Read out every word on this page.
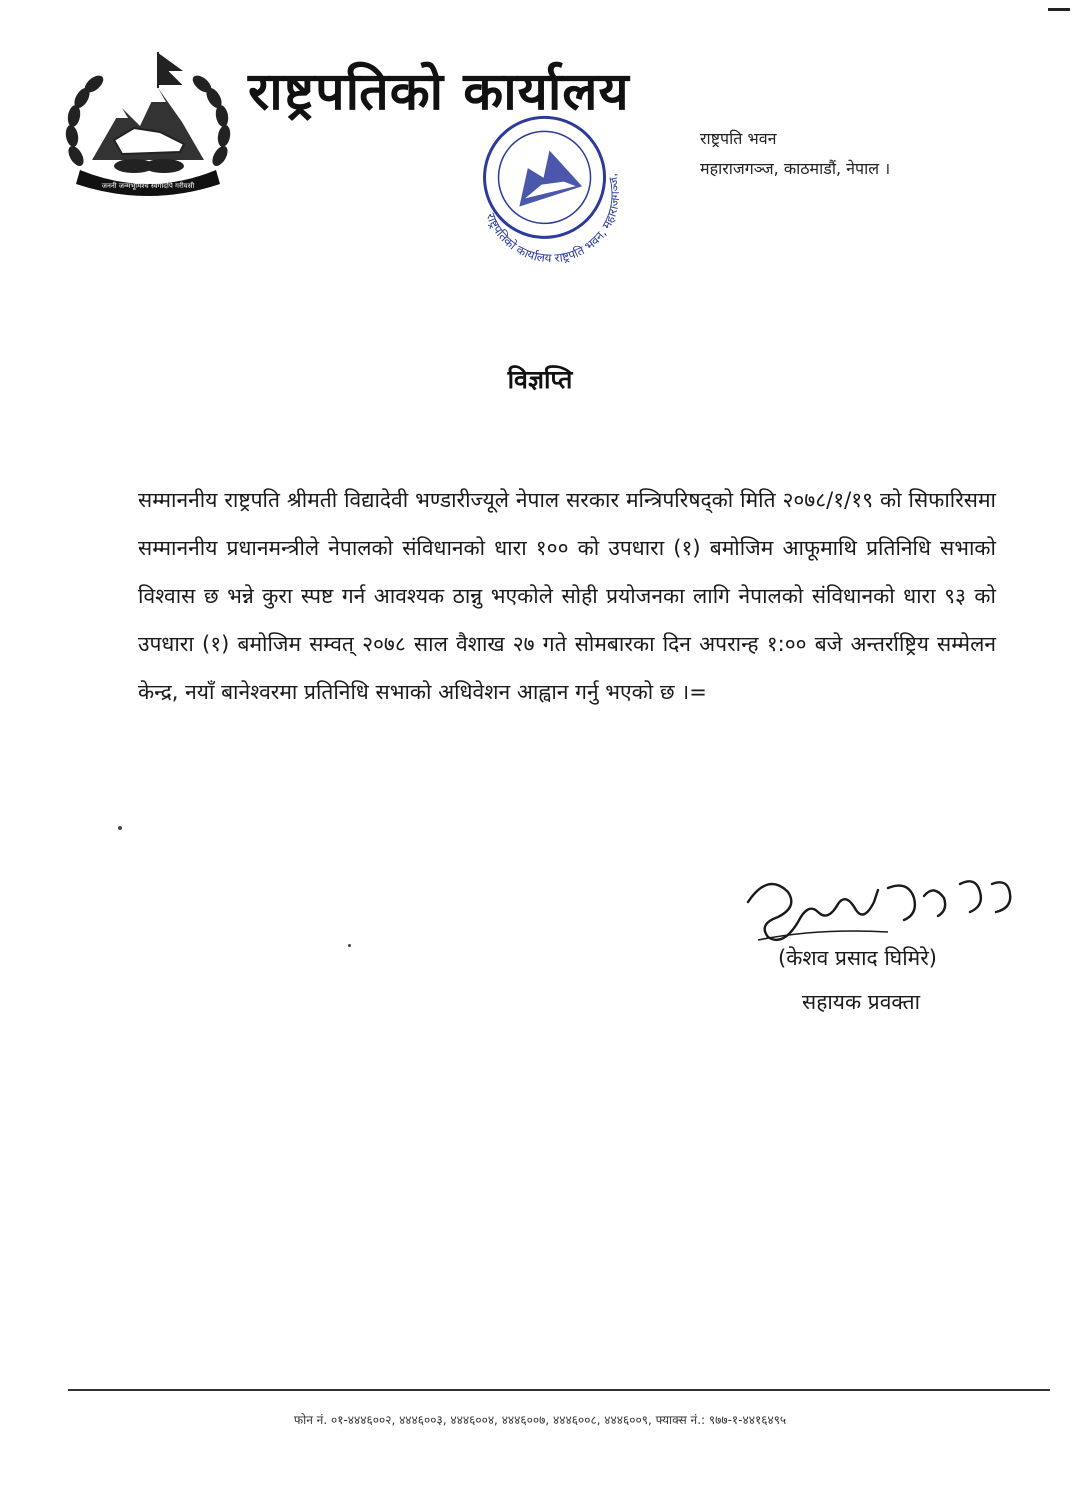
जननी जन्मभूमिश्च स्वर्गादपि गरीयसी
राष्ट्रपतिको कार्यालय
राष्ट्रपति भवन
महाराजगञ्ज, काठमाडौं, नेपाल ।
राष्ट्रपतिको कार्यालय राष्ट्रपति भवन, महाराजगञ्ज,
विज्ञप्ति
सम्माननीय राष्ट्रपति श्रीमती विद्यादेवी भण्डारीज्यूले नेपाल सरकार मन्त्रिपरिषद्को मिति २०७८/१/१९ को सिफारिसमा सम्माननीय प्रधानमन्त्रीले नेपालको संविधानको धारा १०० को उपधारा (१) बमोजिम आफूमाथि प्रतिनिधि सभाको विश्वास छ भन्ने कुरा स्पष्ट गर्न आवश्यक ठान्नु भएकोले सोही प्रयोजनका लागि नेपालको संविधानको धारा ९३ को उपधारा (१) बमोजिम सम्वत् २०७८ साल वैशाख २७ गते सोमबारका दिन अपरान्ह १:०० बजे अन्तर्राष्ट्रिय सम्मेलन केन्द्र, नयाँ बानेश्वरमा प्रतिनिधि सभाको अधिवेशन आह्वान गर्नु भएको छ ।=
(केशव प्रसाद घिमिरे)
सहायक प्रवक्ता
फोन नं. ०१-४४४६००२, ४४४६००३, ४४४६००४, ४४४६००७, ४४४६००८, ४४४६००९, फ्याक्स नं.: ९७७-१-४४१६४९५
